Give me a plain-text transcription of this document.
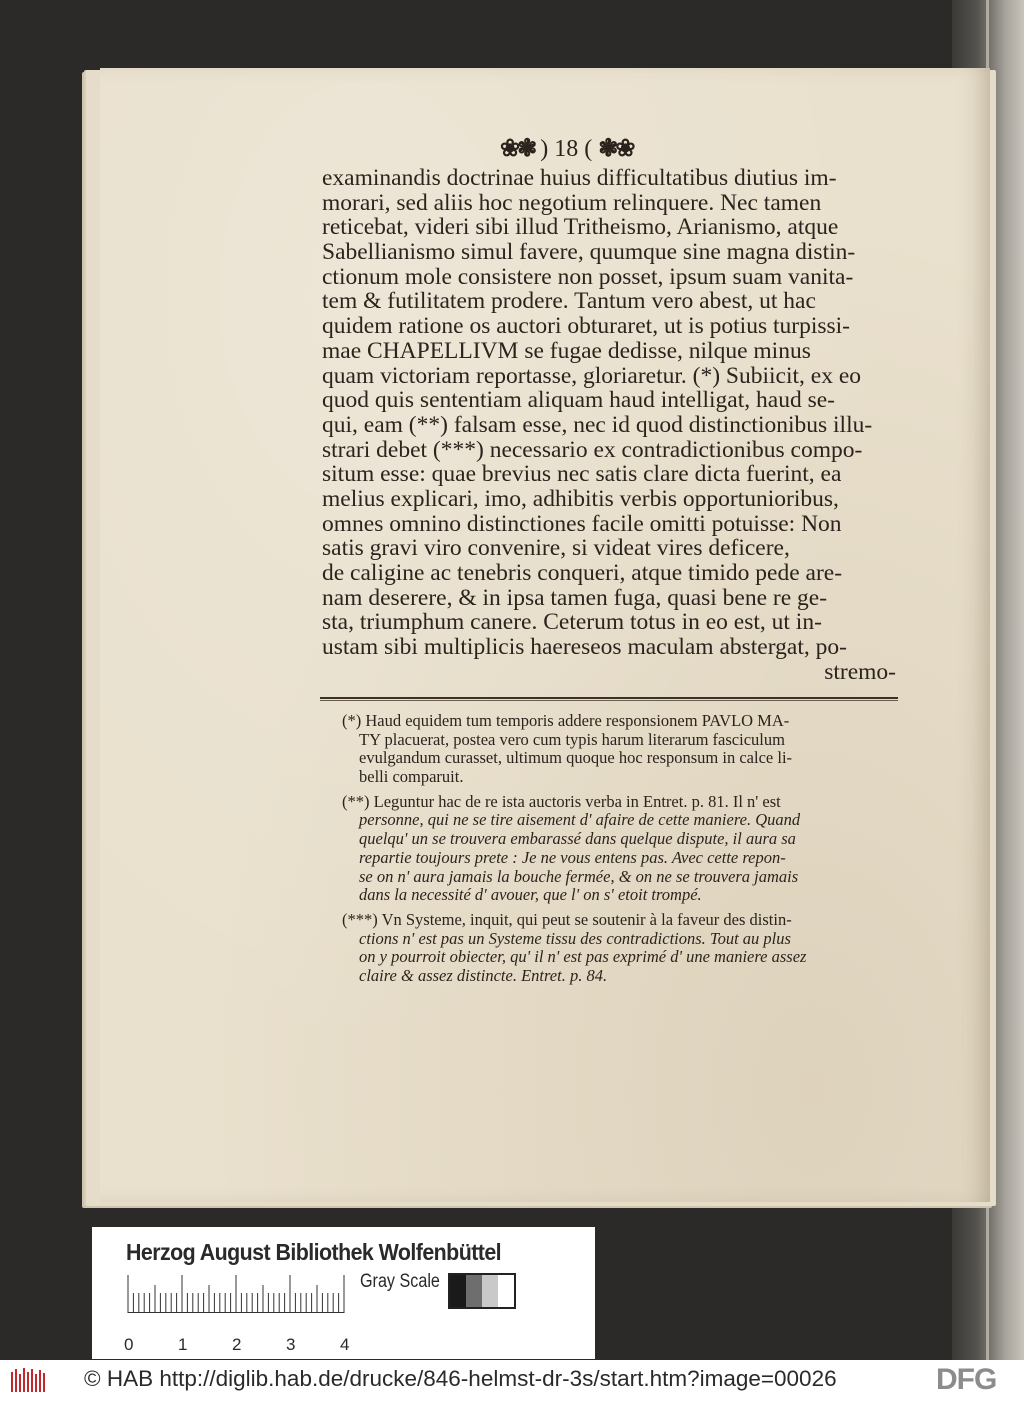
❀❃ ) 18 ( ❃❀
examinandis doctrinae huius difficultatibus diutius im-
morari, sed aliis hoc negotium relinquere. Nec tamen
reticebat, videri sibi illud Tritheismo, Arianismo, atque
Sabellianismo simul favere, quumque sine magna distin-
ctionum mole consistere non posset, ipsum suam vanita-
tem & futilitatem prodere. Tantum vero abest, ut hac
quidem ratione os auctori obturaret, ut is potius turpissi-
mae CHAPELLIVM se fugae dedisse, nilque minus
quam victoriam reportasse, gloriaretur. (*) Subiicit, ex eo
quod quis sententiam aliquam haud intelligat, haud se-
qui, eam (**) falsam esse, nec id quod distinctionibus illu-
strari debet (***) necessario ex contradictionibus compo-
situm esse: quae brevius nec satis clare dicta fuerint, ea
melius explicari, imo, adhibitis verbis opportunioribus,
omnes omnino distinctiones facile omitti potuisse: Non
satis gravi viro convenire, si videat vires deficere,
de caligine ac tenebris conqueri, atque timido pede are-
nam deserere, & in ipsa tamen fuga, quasi bene re ge-
sta, triumphum canere. Ceterum totus in eo est, ut in-
ustam sibi multiplicis haereseos maculam abstergat, po-
stremo-
(*) Haud equidem tum temporis addere responsionem PAVLO MA-
TY placuerat, postea vero cum typis harum literarum fasciculum
evulgandum curasset, ultimum quoque hoc responsum in calce li-
belli comparuit.
(**) Leguntur hac de re ista auctoris verba in Entret. p. 81. Il n' est
personne, qui ne se tire aisement d' afaire de cette maniere. Quand
quelqu' un se trouvera embarassé dans quelque dispute, il aura sa
repartie toujours prete : Je ne vous entens pas. Avec cette repon-
se on n' aura jamais la bouche fermée, & on ne se trouvera jamais
dans la necessité d' avouer, que l' on s' etoit trompé.
(***) Vn Systeme, inquit, qui peut se soutenir à la faveur des distin-
ctions n' est pas un Systeme tissu des contradictions. Tout au plus
on y pourroit obiecter, qu' il n' est pas exprimé d' une maniere assez
claire & assez distincte. Entret. p. 84.
Herzog August Bibliothek Wolfenbüttel
0	1	2	3	4
Gray Scale
© HAB http://diglib.hab.de/drucke/846-helmst-dr-3s/start.htm?image=00026	DFG
